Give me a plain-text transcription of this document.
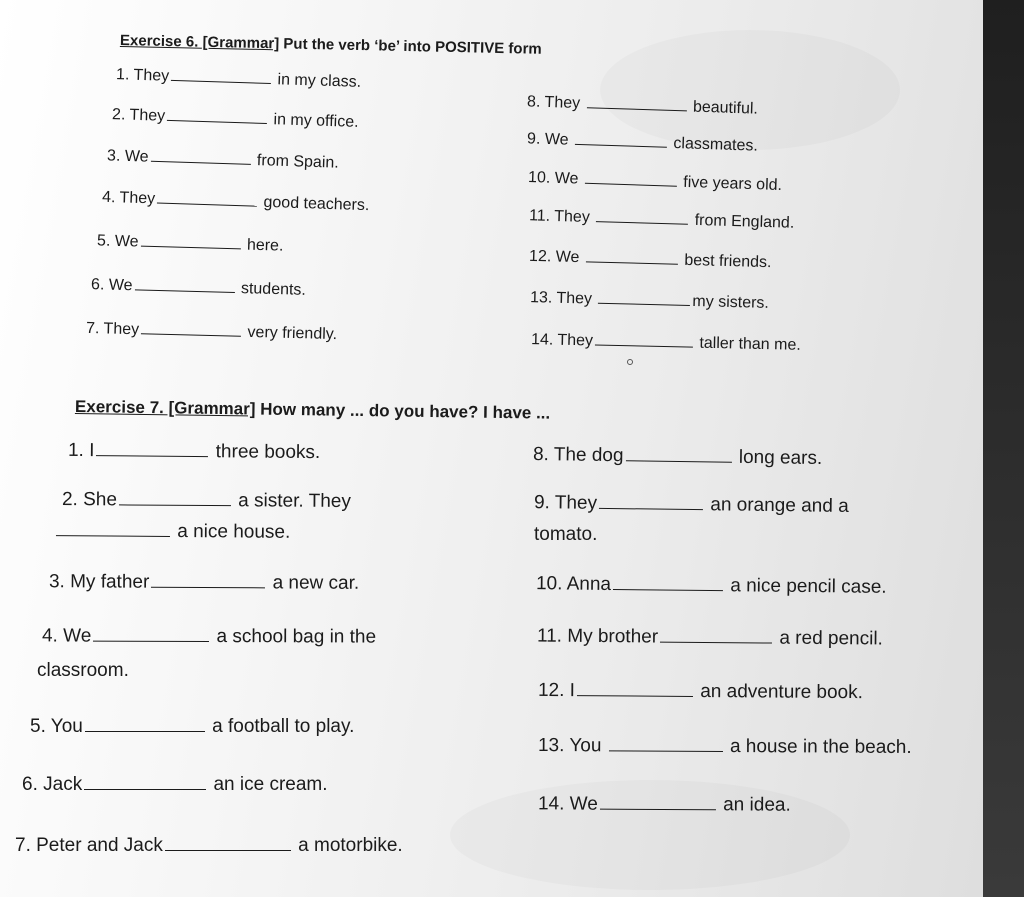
Exercise 6. [Grammar] Put the verb ‘be’ into POSITIVE form
1. They	in my class.
2. They	in my office.
3. We	from Spain.
4. They	good teachers.
5. We	here.
6. We	students.
7. They	very friendly.
8. They	beautiful.
9. We	classmates.
10. We	five years old.
11. They	from England.
12. We	best friends.
13. They	my sisters.
14. They	taller than me.
Exercise 7. [Grammar] How many ... do you have? I have ...
1. I	three books.
2. She	a sister. They
a nice house.
3. My father	a new car.
4. We	a school bag in the
classroom.
5. You	a football to play.
6. Jack	an ice cream.
7. Peter and Jack	a motorbike.
8. The dog	long ears.
9. They	an orange and a
tomato.
10. Anna	a nice pencil case.
11. My brother	a red pencil.
12. I	an adventure book.
13. You	a house in the beach.
14. We	an idea.
